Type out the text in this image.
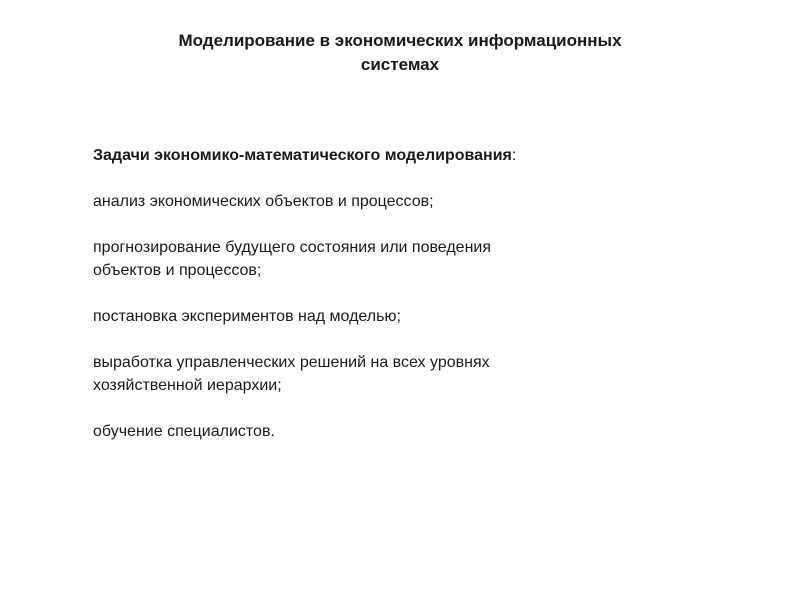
Моделирование в экономических информационных
системах

Задачи экономико-математического моделирования:

анализ экономических объектов и процессов;

прогнозирование будущего состояния или поведения
объектов и процессов;

постановка экспериментов над моделью;

выработка управленческих решений на всех уровнях
хозяйственной иерархии;

обучение специалистов.
